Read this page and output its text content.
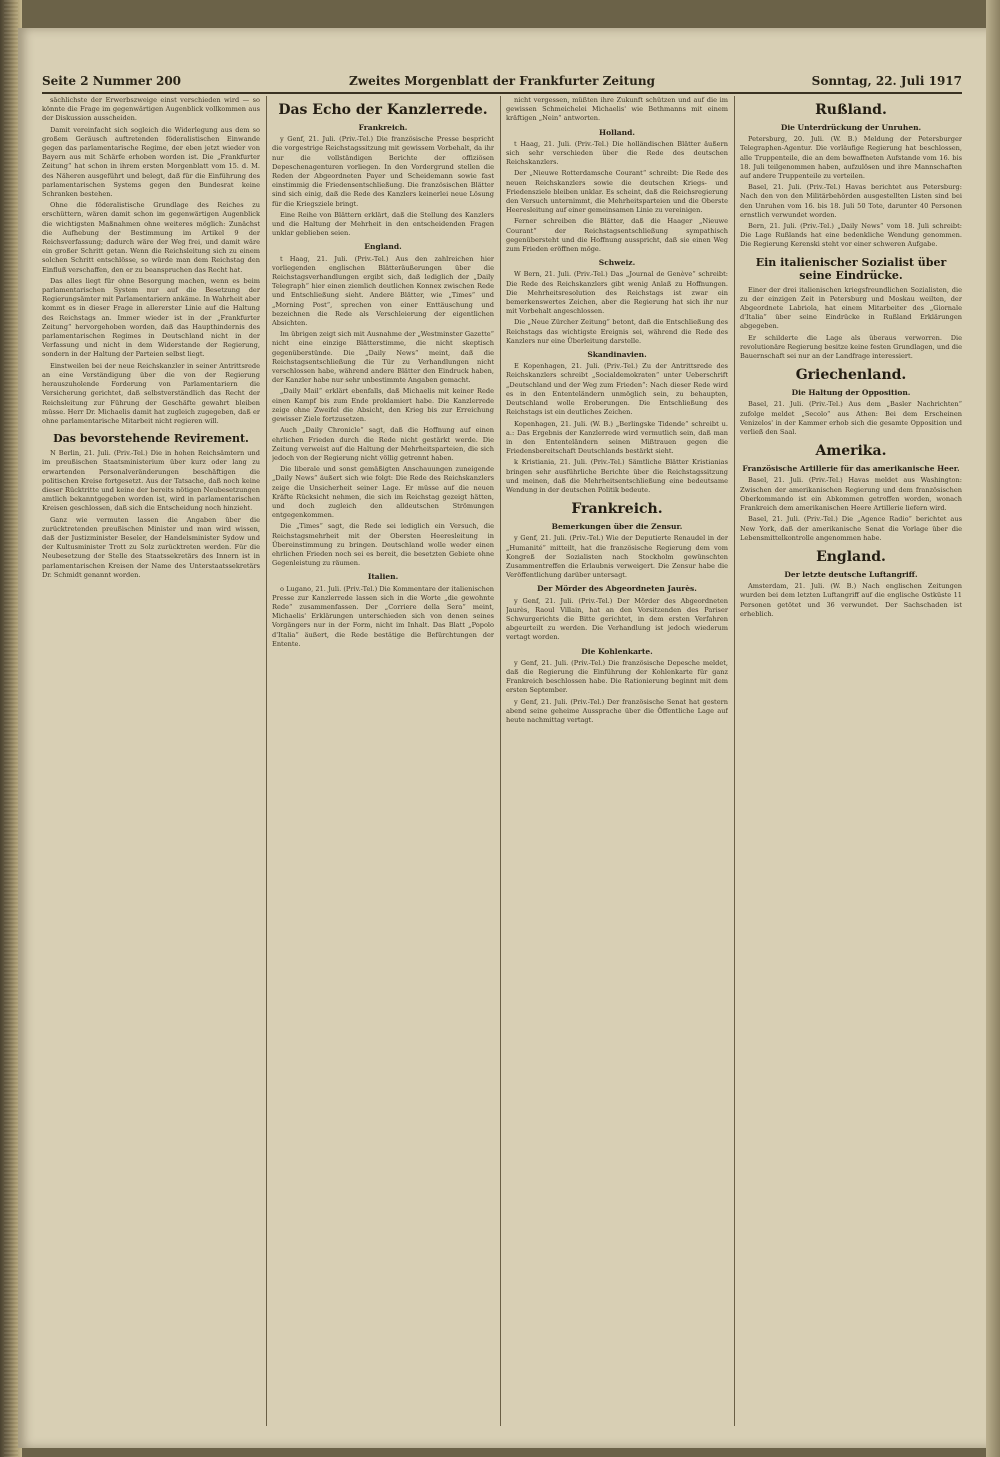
Seite 2 Nummer 200	Zweites Morgenblatt der Frankfurter Zeitung	Sonntag, 22. Juli 1917

sächlichste der Erwerbszweige einst verschieden wird — so könnte die Frage im gegenwärtigen Augenblick vollkommen aus der Diskussion ausscheiden.

Damit vereinfacht sich sogleich die Widerlegung aus dem so großem Geräusch auftretenden föderalistischen Einwande gegen das parlamentarische Regime, der eben jetzt wieder von Bayern aus mit Schärfe erhoben worden ist. Die „Frankfurter Zeitung“ hat schon in ihrem ersten Morgenblatt vom 15. d. M. des Näheren ausgeführt und belegt, daß für die Einführung des parlamentarischen Systems gegen den Bundesrat keine Schranken bestehen.

Ohne die föderalistische Grundlage des Reiches zu erschüttern, wären damit schon im gegenwärtigen Augenblick die wichtigsten Maßnahmen ohne weiteres möglich: Zunächst die Aufhebung der Bestimmung im Artikel 9 der Reichsverfassung; dadurch wäre der Weg frei, und damit wäre ein großer Schritt getan. Wenn die Reichsleitung sich zu einem solchen Schritt entschlösse, so würde man dem Reichstag den Einfluß verschaffen, den er zu beanspruchen das Recht hat.

Das alles liegt für ohne Besorgung machen, wenn es beim parlamentarischen System nur auf die Besetzung der Regierungsämter mit Parlamentariern ankäme. In Wahrheit aber kommt es in dieser Frage in allererster Linie auf die Haltung des Reichstags an. Immer wieder ist in der „Frankfurter Zeitung“ hervorgehoben worden, daß das Haupthindernis des parlamentarischen Regimes in Deutschland nicht in der Verfassung und nicht in dem Widerstande der Regierung, sondern in der Haltung der Parteien selbst liegt.

Einstweilen bei der neue Reichskanzler in seiner Antrittsrede an eine Verständigung über die von der Regierung herauszuholende Forderung von Parlamentariern die Versicherung gerichtet, daß selbstverständlich das Recht der Reichsleitung zur Führung der Geschäfte gewahrt bleiben müsse. Herr Dr. Michaelis damit hat zugleich zugegeben, daß er ohne parlamentarische Mitarbeit nicht regieren will.

Das bevorstehende Revirement.

N Berlin, 21. Juli. (Priv.-Tel.) Die in hohen Reichsämtern und im preußischen Staatsministerium über kurz oder lang zu erwartenden Personalveränderungen beschäftigen die politischen Kreise fortgesetzt. Aus der Tatsache, daß noch keine dieser Rücktritte und keine der bereits nötigen Neubesetzungen amtlich bekanntgegeben worden ist, wird in parlamentarischen Kreisen geschlossen, daß sich die Entscheidung noch hinzieht.

Ganz wie vermuten lassen die Angaben über die zurücktretenden preußischen Minister und man wird wissen, daß der Justizminister Beseler, der Handelsminister Sydow und der Kultusminister Trott zu Solz zurücktreten werden. Für die Neubesetzung der Stelle des Staatssekretärs des Innern ist in parlamentarischen Kreisen der Name des Unterstaatssekretärs Dr. Schmidt genannt worden.

Das Echo der Kanzlerrede.
Frankreich.

y Genf, 21. Juli. (Priv.-Tel.) Die französische Presse bespricht die vorgestrige Reichstagssitzung mit gewissem Vorbehalt, da ihr nur die vollständigen Berichte der offiziösen Depeschenagenturen vorliegen. In den Vordergrund stellen die Reden der Abgeordneten Payer und Scheidemann sowie fast einstimmig die Friedensentschließung. Die französischen Blätter sind sich einig, daß die Rede des Kanzlers keinerlei neue Lösung für die Kriegsziele bringt.

Eine Reihe von Blättern erklärt, daß die Stellung des Kanzlers und die Haltung der Mehrheit in den entscheidenden Fragen unklar geblieben seien.

England.

t Haag, 21. Juli. (Priv.-Tel.) Aus den zahlreichen hier vorliegenden englischen Blätteräußerungen über die Reichstagsverhandlungen ergibt sich, daß lediglich der „Daily Telegraph“ hier einen ziemlich deutlichen Konnex zwischen Rede und Entschließung sieht. Andere Blätter, wie „Times“ und „Morning Post“, sprechen von einer Enttäuschung und bezeichnen die Rede als Verschleierung der eigentlichen Absichten.

Im übrigen zeigt sich mit Ausnahme der „Westminster Gazette“ nicht eine einzige Blätterstimme, die nicht skeptisch gegenüberstünde. Die „Daily News“ meint, daß die Reichstagsentschließung die Tür zu Verhandlungen nicht verschlossen habe, während andere Blätter den Eindruck haben, der Kanzler habe nur sehr unbestimmte Angaben gemacht.

„Daily Mail“ erklärt ebenfalls, daß Michaelis mit keiner Rede einen Kampf bis zum Ende proklamiert habe. Die Kanzlerrede zeige ohne Zweifel die Absicht, den Krieg bis zur Erreichung gewisser Ziele fortzusetzen.

Auch „Daily Chronicle“ sagt, daß die Hoffnung auf einen ehrlichen Frieden durch die Rede nicht gestärkt werde. Die Zeitung verweist auf die Haltung der Mehrheitsparteien, die sich jedoch von der Regierung nicht völlig getrennt haben.

Die liberale und sonst gemäßigten Anschauungen zuneigende „Daily News“ äußert sich wie folgt: Die Rede des Reichskanzlers zeige die Unsicherheit seiner Lage. Er müsse auf die neuen Kräfte Rücksicht nehmen, die sich im Reichstag gezeigt hätten, und doch zugleich den alldeutschen Strömungen entgegenkommen.

Die „Times“ sagt, die Rede sei lediglich ein Versuch, die Reichstagsmehrheit mit der Obersten Heeresleitung in Übereinstimmung zu bringen. Deutschland wolle weder einen ehrlichen Frieden noch sei es bereit, die besetzten Gebiete ohne Gegenleistung zu räumen.

Italien.

o Lugano, 21. Juli. (Priv.-Tel.) Die Kommentare der italienischen Presse zur Kanzlerrede lassen sich in die Worte „die gewohnte Rede“ zusammenfassen. Der „Corriere della Sera“ meint, Michaelis' Erklärungen unterschieden sich von denen seines Vorgängers nur in der Form, nicht im Inhalt. Das Blatt „Popolo d'Italia“ äußert, die Rede bestätige die Befürchtungen der Entente.

nicht vergessen, müßten ihre Zukunft schützen und auf die im gewissen Schmeichelei Michaelis' wie Bethmanns mit einem kräftigen „Nein“ antworten.

Holland.

t Haag, 21. Juli. (Priv.-Tel.) Die holländischen Blätter äußern sich sehr verschieden über die Rede des deutschen Reichskanzlers.

Der „Nieuwe Rotterdamsche Courant“ schreibt: Die Rede des neuen Reichskanzlers sowie die deutschen Kriegs- und Friedensziele bleiben unklar. Es scheint, daß die Reichsregierung den Versuch unternimmt, die Mehrheitsparteien und die Oberste Heeresleitung auf einer gemeinsamen Linie zu vereinigen.

Ferner schreiben die Blätter, daß die Haager „Nieuwe Courant“ der Reichstagsentschließung sympathisch gegenübersteht und die Hoffnung ausspricht, daß sie einen Weg zum Frieden eröffnen möge.

Schweiz.

W Bern, 21. Juli. (Priv.-Tel.) Das „Journal de Genève“ schreibt: Die Rede des Reichskanzlers gibt wenig Anlaß zu Hoffnungen. Die Mehrheitsresolution des Reichstags ist zwar ein bemerkenswertes Zeichen, aber die Regierung hat sich ihr nur mit Vorbehalt angeschlossen.

Die „Neue Zürcher Zeitung“ betont, daß die Entschließung des Reichstags das wichtigste Ereignis sei, während die Rede des Kanzlers nur eine Überleitung darstelle.

Skandinavien.

E Kopenhagen, 21. Juli. (Priv.-Tel.) Zu der Antrittsrede des Reichskanzlers schreibt „Socialdemokraten“ unter Ueberschrift „Deutschland und der Weg zum Frieden“: Nach dieser Rede wird es in den Ententeländern unmöglich sein, zu behaupten, Deutschland wolle Eroberungen. Die Entschließung des Reichstags ist ein deutliches Zeichen.

Kopenhagen, 21. Juli. (W. B.) „Berlingske Tidende“ schreibt u. a.: Das Ergebnis der Kanzlerrede wird vermutlich sein, daß man in den Ententeländern seinen Mißtrauen gegen die Friedensbereitschaft Deutschlands bestärkt sieht.

k Kristiania, 21. Juli. (Priv.-Tel.) Sämtliche Blätter Kristianias bringen sehr ausführliche Berichte über die Reichstagssitzung und meinen, daß die Mehrheitsentschließung eine bedeutsame Wendung in der deutschen Politik bedeute.

Frankreich.
Bemerkungen über die Zensur.

y Genf, 21. Juli. (Priv.-Tel.) Wie der Deputierte Renaudel in der „Humanité“ mitteilt, hat die französische Regierung dem vom Kongreß der Sozialisten nach Stockholm gewünschten Zusammentreffen die Erlaubnis verweigert. Die Zensur habe die Veröffentlichung darüber untersagt.

Der Mörder des Abgeordneten Jaurès.

y Genf, 21. Juli. (Priv.-Tel.) Der Mörder des Abgeordneten Jaurès, Raoul Villain, hat an den Vorsitzenden des Pariser Schwurgerichts die Bitte gerichtet, in dem ersten Verfahren abgeurteilt zu werden. Die Verhandlung ist jedoch wiederum vertagt worden.

Die Kohlenkarte.

y Genf, 21. Juli. (Priv.-Tel.) Die französische Depesche meldet, daß die Regierung die Einführung der Kohlenkarte für ganz Frankreich beschlossen habe. Die Rationierung beginnt mit dem ersten September.

y Genf, 21. Juli. (Priv.-Tel.) Der französische Senat hat gestern abend seine geheime Aussprache über die Öffentliche Lage auf heute nachmittag vertagt.

Rußland.
Die Unterdrückung der Unruhen.

Petersburg, 20. Juli. (W. B.) Meldung der Petersburger Telegraphen-Agentur. Die vorläufige Regierung hat beschlossen, alle Truppenteile, die an dem bewaffneten Aufstande vom 16. bis 18. Juli teilgenommen haben, aufzulösen und ihre Mannschaften auf andere Truppenteile zu verteilen.

Basel, 21. Juli. (Priv.-Tel.) Havas berichtet aus Petersburg: Nach den von den Militärbehörden ausgestellten Listen sind bei den Unruhen vom 16. bis 18. Juli 50 Tote, darunter 40 Personen ernstlich verwundet worden.

Bern, 21. Juli. (Priv.-Tel.) „Daily News“ vom 18. Juli schreibt: Die Lage Rußlands hat eine bedenkliche Wendung genommen. Die Regierung Kerenski steht vor einer schweren Aufgabe.

Ein italienischer Sozialist über seine Eindrücke.

Einer der drei italienischen kriegsfreundlichen Sozialisten, die zu der einzigen Zeit in Petersburg und Moskau weilten, der Abgeordnete Labriola, hat einem Mitarbeiter des „Giornale d'Italia“ über seine Eindrücke in Rußland Erklärungen abgegeben.

Er schilderte die Lage als überaus verworren. Die revolutionäre Regierung besitze keine festen Grundlagen, und die Bauernschaft sei nur an der Landfrage interessiert.

Griechenland.
Die Haltung der Opposition.

Basel, 21. Juli. (Priv.-Tel.) Aus dem „Basler Nachrichten“ zufolge meldet „Secolo“ aus Athen: Bei dem Erscheinen Venizelos' in der Kammer erhob sich die gesamte Opposition und verließ den Saal.

Amerika.
Französische Artillerie für das amerikanische Heer.

Basel, 21. Juli. (Priv.-Tel.) Havas meldet aus Washington: Zwischen der amerikanischen Regierung und dem französischen Oberkommando ist ein Abkommen getroffen worden, wonach Frankreich dem amerikanischen Heere Artillerie liefern wird.

Basel, 21. Juli. (Priv.-Tel.) Die „Agence Radio“ berichtet aus New York, daß der amerikanische Senat die Vorlage über die Lebensmittelkontrolle angenommen habe.

England.
Der letzte deutsche Luftangriff.

Amsterdam, 21. Juli. (W. B.) Nach englischen Zeitungen wurden bei dem letzten Luftangriff auf die englische Ostküste 11 Personen getötet und 36 verwundet. Der Sachschaden ist erheblich.
